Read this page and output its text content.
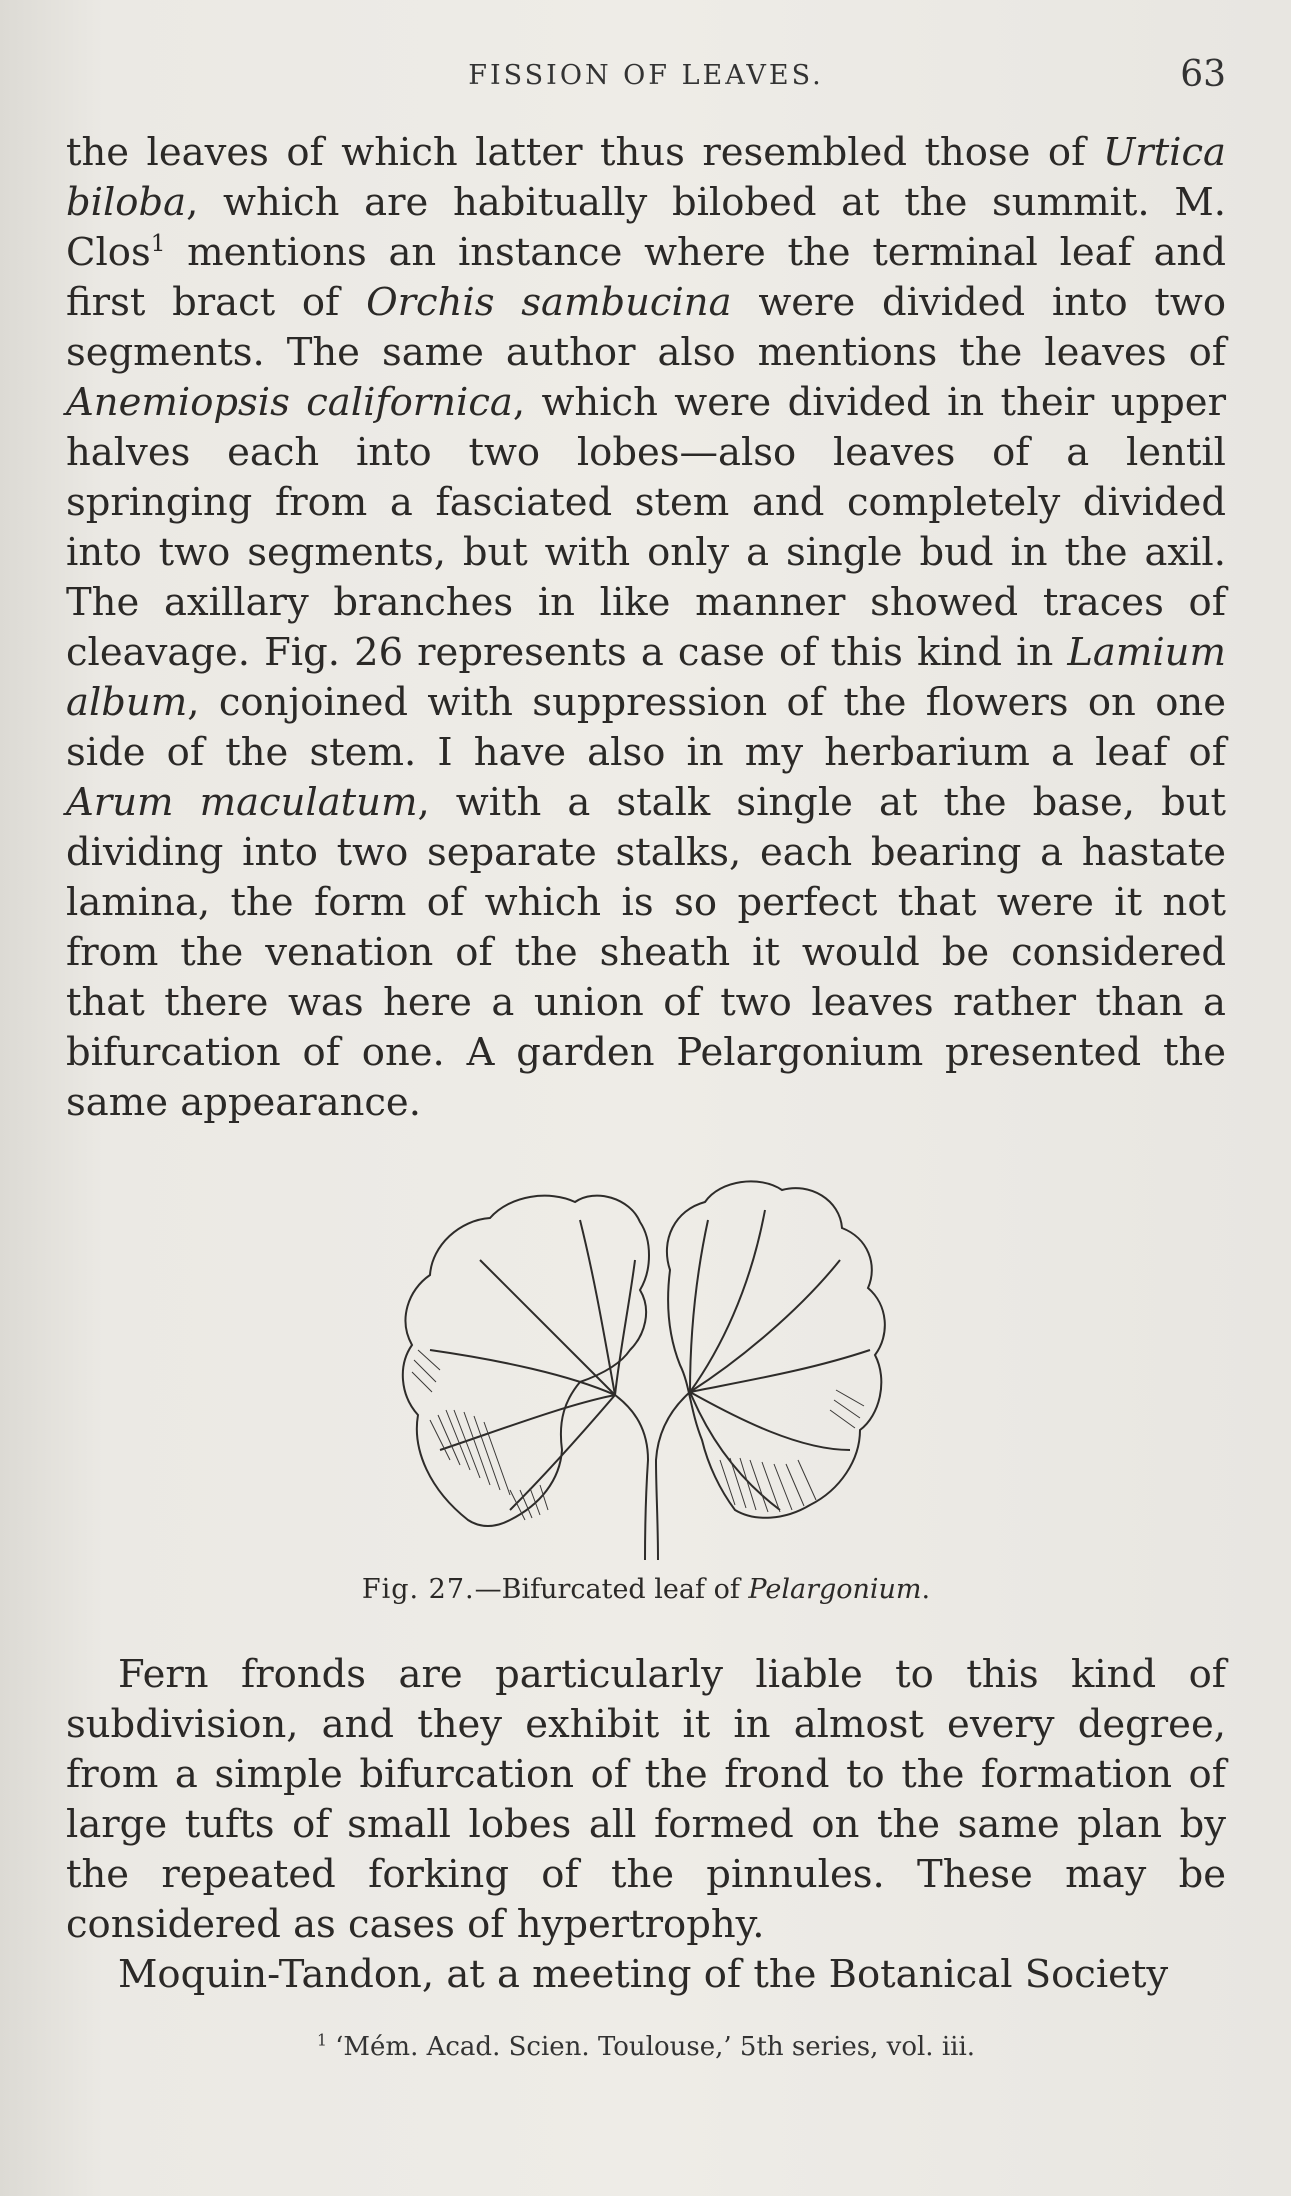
FISSION OF LEAVES.	63

the leaves of which latter thus resembled those of Urtica biloba, which are habitually bilobed at the summit. M. Clos$^1$ mentions an instance where the terminal leaf and first bract of Orchis sambucina were divided into two segments. The same author also mentions the leaves of Anemiopsis californica, which were divided in their upper halves each into two lobes—also leaves of a lentil springing from a fasciated stem and completely divided into two segments, but with only a single bud in the axil. The axillary branches in like manner showed traces of cleavage. Fig. 26 represents a case of this kind in Lamium album, conjoined with suppression of the flowers on one side of the stem. I have also in my herbarium a leaf of Arum maculatum, with a stalk single at the base, but dividing into two separate stalks, each bearing a hastate lamina, the form of which is so perfect that were it not from the venation of the sheath it would be considered that there was here a union of two leaves rather than a bifurcation of one. A garden Pelargonium presented the same appearance.

Fig. 27.—Bifurcated leaf of Pelargonium.

Fern fronds are particularly liable to this kind of subdivision, and they exhibit it in almost every degree, from a simple bifurcation of the frond to the formation of large tufts of small lobes all formed on the same plan by the repeated forking of the pinnules. These may be considered as cases of hypertrophy.

Moquin-Tandon, at a meeting of the Botanical Society

$^1$ ‘Mém. Acad. Scien. Toulouse,’ 5th series, vol. iii.
